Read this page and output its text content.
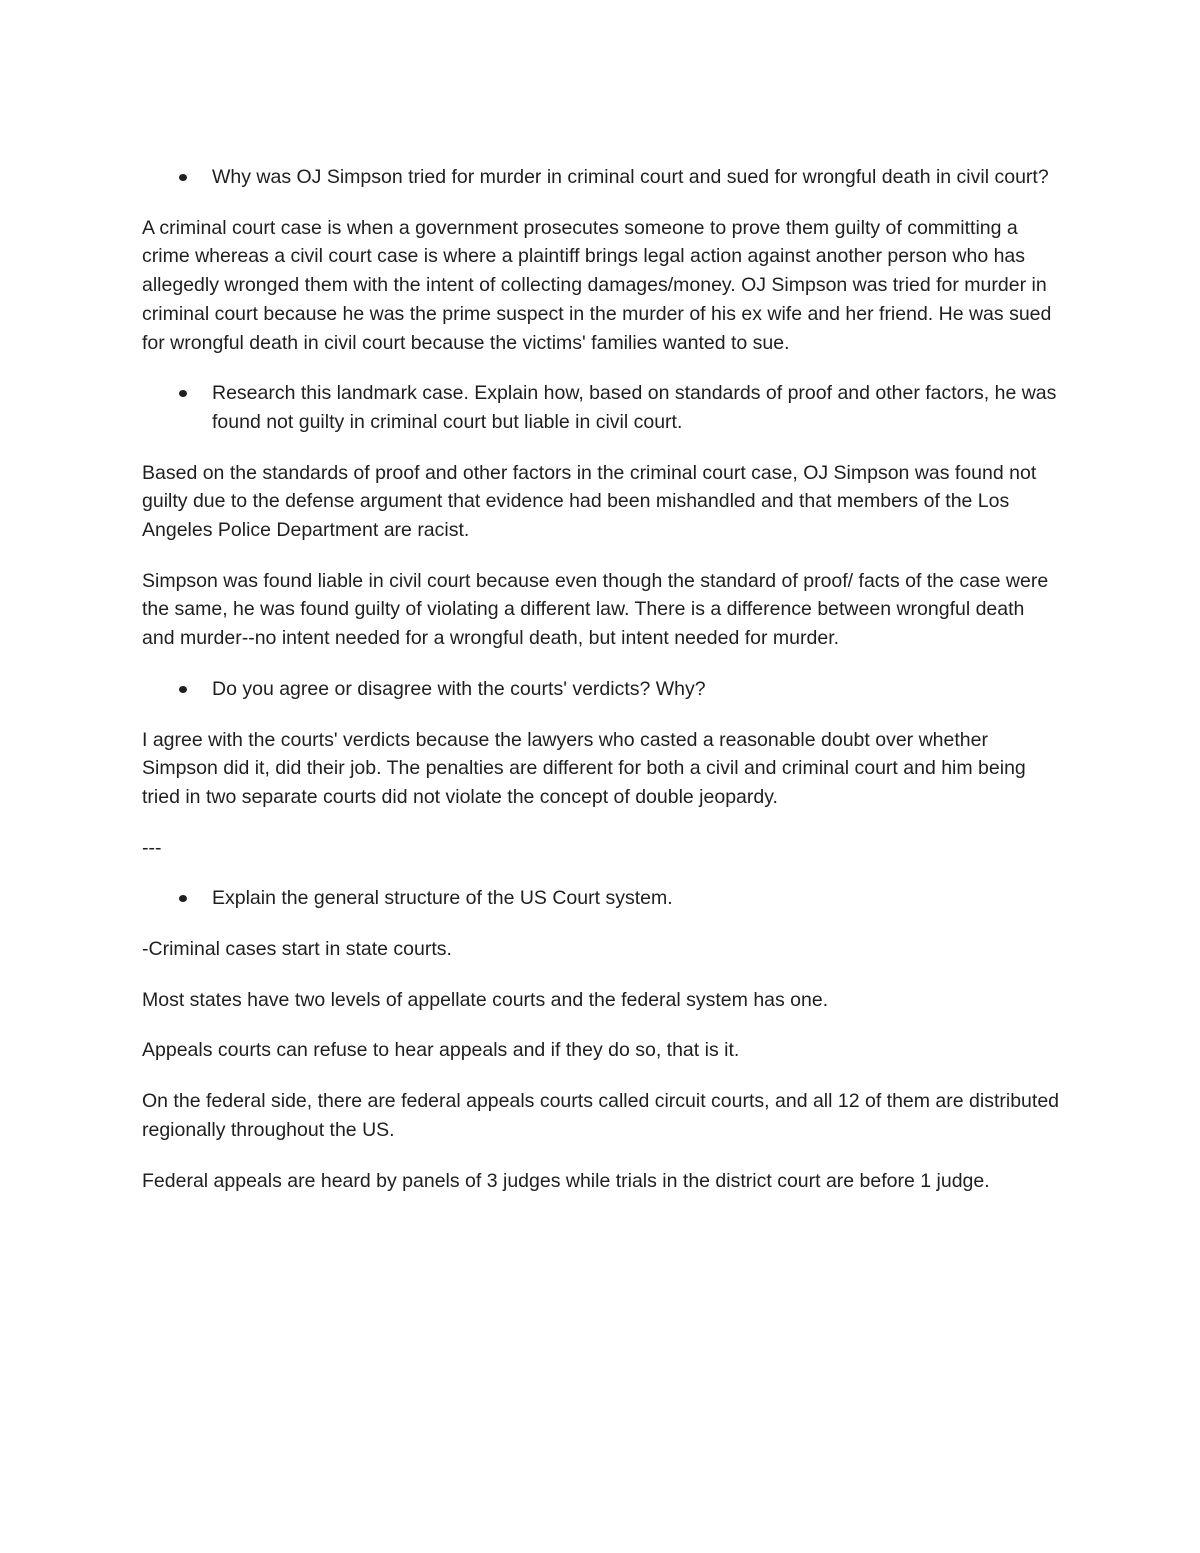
Why was OJ Simpson tried for murder in criminal court and sued for wrongful death in civil court?

A criminal court case is when a government prosecutes someone to prove them guilty of committing a crime whereas a civil court case is where a plaintiff brings legal action against another person who has allegedly wronged them with the intent of collecting damages/money. OJ Simpson was tried for murder in criminal court because he was the prime suspect in the murder of his ex wife and her friend. He was sued for wrongful death in civil court because the victims' families wanted to sue.

Research this landmark case. Explain how, based on standards of proof and other factors, he was found not guilty in criminal court but liable in civil court.

Based on the standards of proof and other factors in the criminal court case, OJ Simpson was found not guilty due to the defense argument that evidence had been mishandled and that members of the Los Angeles Police Department are racist.

Simpson was found liable in civil court because even though the standard of proof/ facts of the case were the same, he was found guilty of violating a different law. There is a difference between wrongful death and murder--no intent needed for a wrongful death, but intent needed for murder.

Do you agree or disagree with the courts' verdicts? Why?

I agree with the courts' verdicts because the lawyers who casted a reasonable doubt over whether Simpson did it, did their job. The penalties are different for both a civil and criminal court and him being tried in two separate courts did not violate the concept of double jeopardy.

---

Explain the general structure of the US Court system.

-Criminal cases start in state courts.

Most states have two levels of appellate courts and the federal system has one.

Appeals courts can refuse to hear appeals and if they do so, that is it.

On the federal side, there are federal appeals courts called circuit courts, and all 12 of them are distributed regionally throughout the US.

Federal appeals are heard by panels of 3 judges while trials in the district court are before 1 judge.
